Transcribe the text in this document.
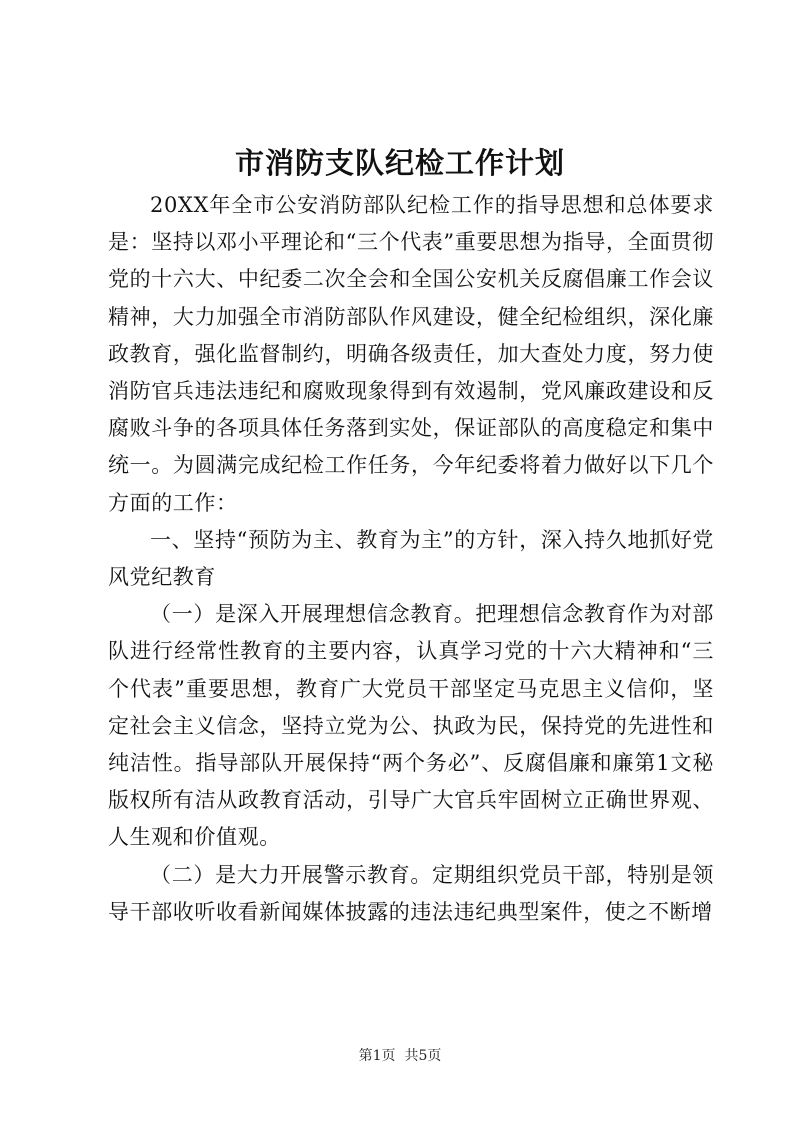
市消防支队纪检工作计划

20XX年全市公安消防部队纪检工作的指导思想和总体要求是：坚持以邓小平理论和“三个代表”重要思想为指导，全面贯彻党的十六大、中纪委二次全会和全国公安机关反腐倡廉工作会议精神，大力加强全市消防部队作风建设，健全纪检组织，深化廉政教育，强化监督制约，明确各级责任，加大查处力度，努力使消防官兵违法违纪和腐败现象得到有效遏制，党风廉政建设和反腐败斗争的各项具体任务落到实处，保证部队的高度稳定和集中统一。为圆满完成纪检工作任务，今年纪委将着力做好以下几个方面的工作：

一、坚持“预防为主、教育为主”的方针，深入持久地抓好党风党纪教育

（一）是深入开展理想信念教育。把理想信念教育作为对部队进行经常性教育的主要内容，认真学习党的十六大精神和“三个代表”重要思想，教育广大党员干部坚定马克思主义信仰，坚定社会主义信念，坚持立党为公、执政为民，保持党的先进性和纯洁性。指导部队开展保持“两个务必”、反腐倡廉和廉第1文秘版权所有洁从政教育活动，引导广大官兵牢固树立正确世界观、人生观和价值观。

（二）是大力开展警示教育。定期组织党员干部，特别是领导干部收听收看新闻媒体披露的违法违纪典型案件，使之不断增

第1页  共5页
